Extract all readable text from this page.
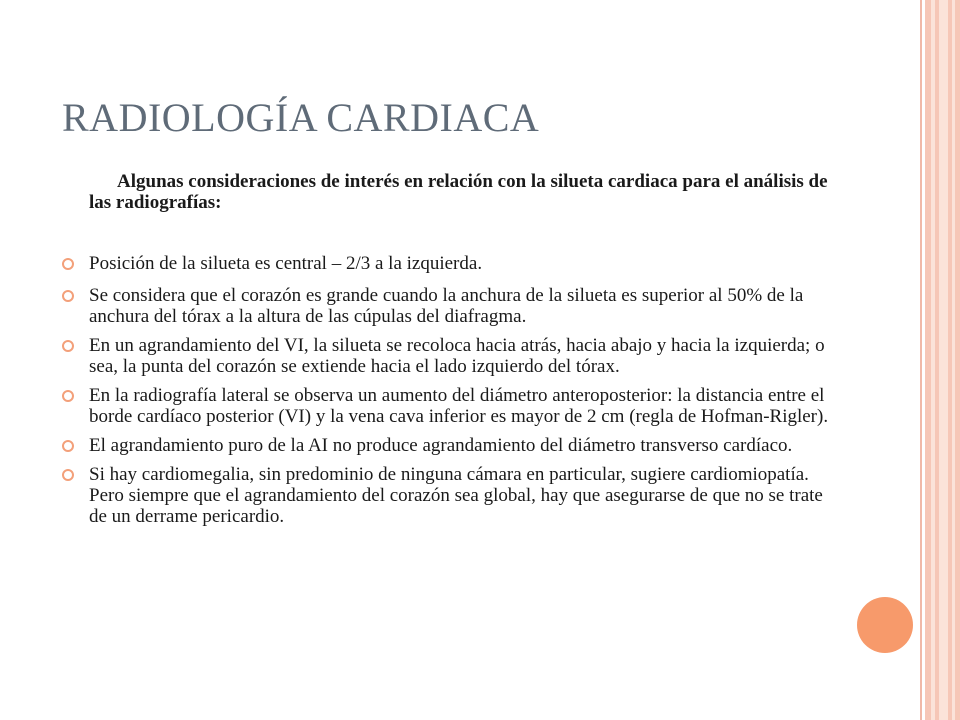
RADIOLOGÍA CARDIACA

Algunas consideraciones de interés en relación con la silueta cardiaca para el análisis de las radiografías:

Posición de la silueta es central – 2/3 a la izquierda.
Se considera que el corazón es grande cuando la anchura de la silueta es superior al 50% de la anchura del tórax a la altura de las cúpulas del diafragma.
En un agrandamiento del VI, la silueta se recoloca hacia atrás, hacia abajo y hacia la izquierda; o sea, la punta del corazón se extiende hacia el lado izquierdo del tórax.
En la radiografía lateral se observa un aumento del diámetro anteroposterior: la distancia entre el borde cardíaco posterior (VI) y la vena cava inferior es mayor de 2 cm (regla de Hofman-Rigler).
El agrandamiento puro de la AI no produce agrandamiento del diámetro transverso cardíaco.
Si hay cardiomegalia, sin predominio de ninguna cámara en particular, sugiere cardiomiopatía. Pero siempre que el agrandamiento del corazón sea global, hay que asegurarse de que no se trate de un derrame pericardio.
